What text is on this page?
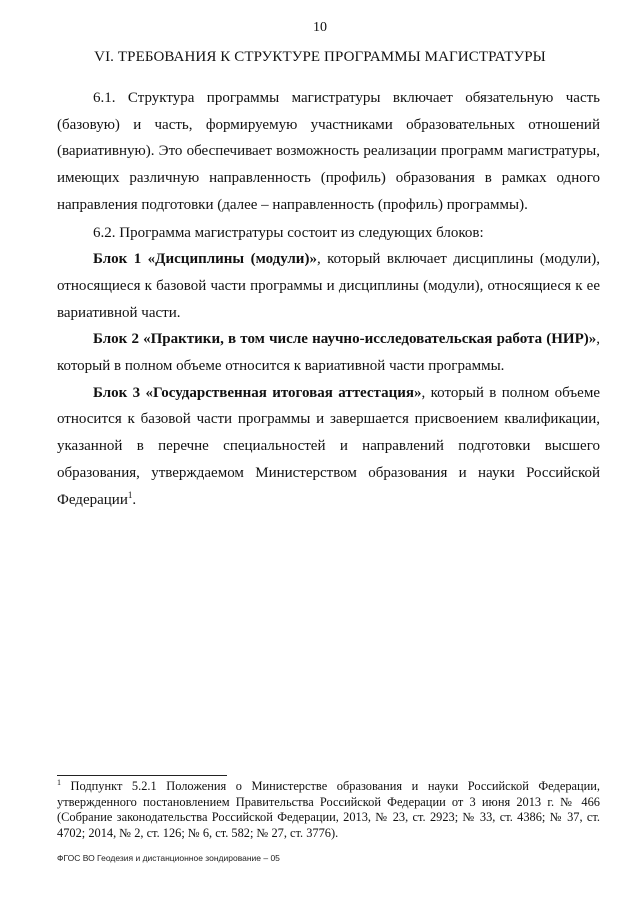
10
VI. ТРЕБОВАНИЯ К СТРУКТУРЕ ПРОГРАММЫ МАГИСТРАТУРЫ

6.1. Структура программы магистратуры включает обязательную часть (базовую) и часть, формируемую участниками образовательных отношений (вариативную). Это обеспечивает возможность реализации программ магистратуры, имеющих различную направленность (профиль) образования в рамках одного направления подготовки (далее – направленность (профиль) программы).

6.2. Программа магистратуры состоит из следующих блоков:

Блок 1 «Дисциплины (модули)», который включает дисциплины (модули), относящиеся к базовой части программы и дисциплины (модули), относящиеся к ее вариативной части.

Блок 2 «Практики, в том числе научно-исследовательская работа (НИР)», который в полном объеме относится к вариативной части программы.

Блок 3 «Государственная итоговая аттестация», который в полном объеме относится к базовой части программы и завершается присвоением квалификации, указанной в перечне специальностей и направлений подготовки высшего образования, утверждаемом Министерством образования и науки Российской Федерации$^1$.

$^1$ Подпункт 5.2.1 Положения о Министерстве образования и науки Российской Федерации, утвержденного постановлением Правительства Российской Федерации от 3 июня 2013 г. № 466 (Собрание законодательства Российской Федерации, 2013, № 23, ст. 2923; № 33, ст. 4386; № 37, ст. 4702; 2014, № 2, ст. 126; № 6, ст. 582; № 27, ст. 3776).
ФГОС ВО Геодезия и дистанционное зондирование – 05
